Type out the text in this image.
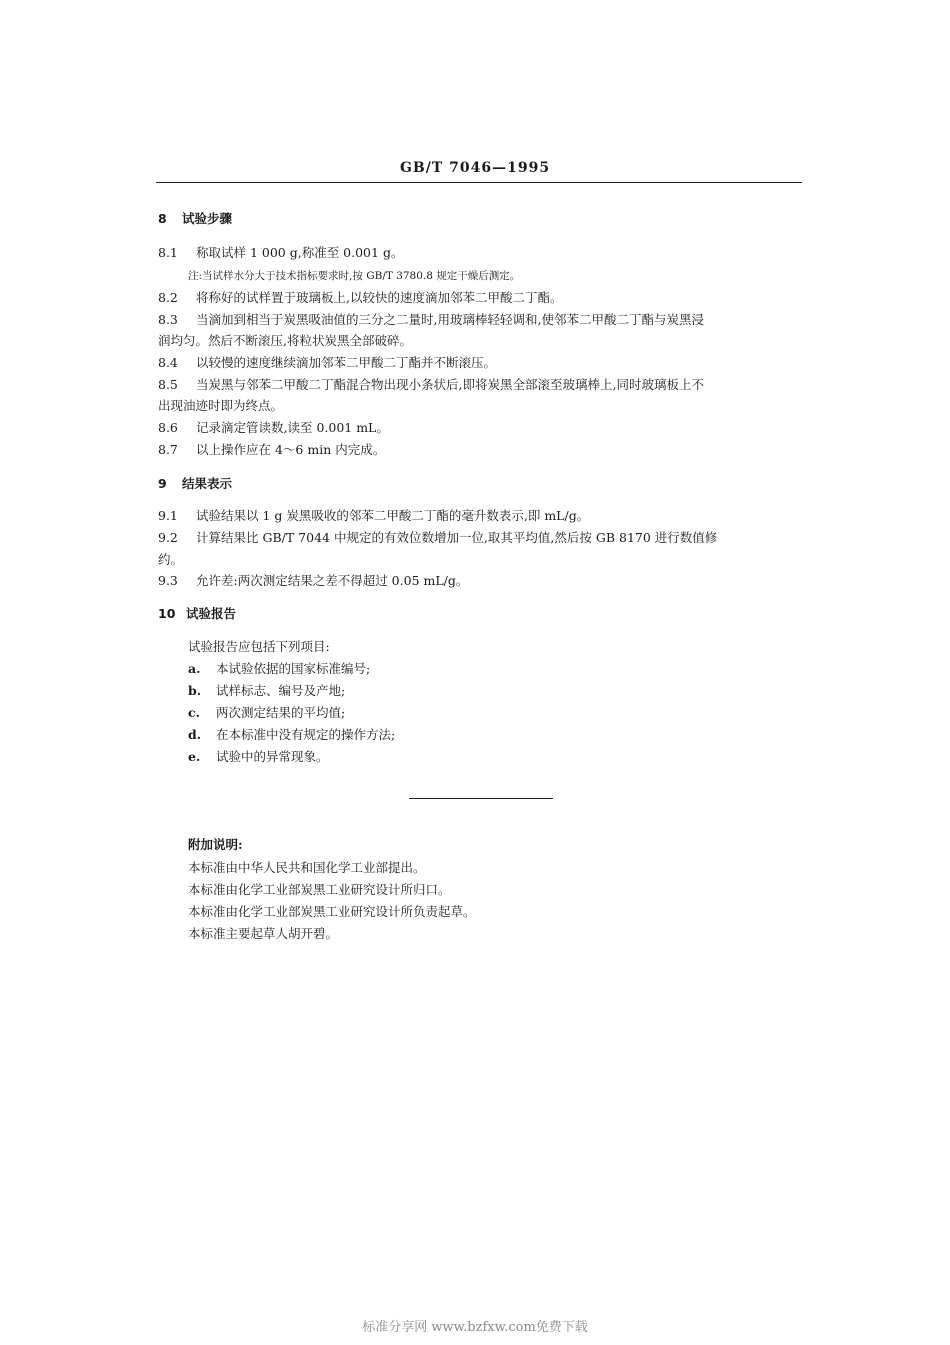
GB/T 7046—1995
8 试验步骤
8.1 称取试样 1 000 g,称准至 0.001 g。
注:当试样水分大于技术指标要求时,按 GB/T 3780.8 规定干燥后测定。
8.2 将称好的试样置于玻璃板上,以较快的速度滴加邻苯二甲酸二丁酯。
8.3 当滴加到相当于炭黑吸油值的三分之二量时,用玻璃棒轻轻调和,使邻苯二甲酸二丁酯与炭黑浸
润均匀。然后不断滚压,将粒状炭黑全部破碎。
8.4 以较慢的速度继续滴加邻苯二甲酸二丁酯并不断滚压。
8.5 当炭黑与邻苯二甲酸二丁酯混合物出现小条状后,即将炭黑全部滚至玻璃棒上,同时玻璃板上不
出现油迹时即为终点。
8.6 记录滴定管读数,读至 0.001 mL。
8.7 以上操作应在 4～6 min 内完成。
9 结果表示
9.1 试验结果以 1 g 炭黑吸收的邻苯二甲酸二丁酯的毫升数表示,即 mL/g。
9.2 计算结果比 GB/T 7044 中规定的有效位数增加一位,取其平均值,然后按 GB 8170 进行数值修
约。
9.3 允许差:两次测定结果之差不得超过 0.05 mL/g。
10 试验报告
试验报告应包括下列项目:
a. 本试验依据的国家标准编号;
b. 试样标志、编号及产地;
c. 两次测定结果的平均值;
d. 在本标准中没有规定的操作方法;
e. 试验中的异常现象。
附加说明:
本标准由中华人民共和国化学工业部提出。
本标准由化学工业部炭黑工业研究设计所归口。
本标准由化学工业部炭黑工业研究设计所负责起草。
本标准主要起草人胡开碧。
标准分享网 www.bzfxw.com免费下载
